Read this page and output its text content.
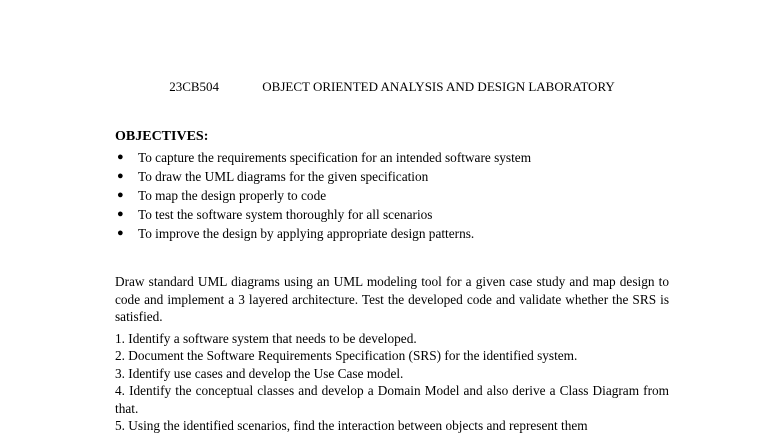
23CB504	OBJECT ORIENTED ANALYSIS AND DESIGN LABORATORY
OBJECTIVES:
● To capture the requirements specification for an intended software system
● To draw the UML diagrams for the given specification
● To map the design properly to code
● To test the software system thoroughly for all scenarios
● To improve the design by applying appropriate design patterns.

Draw standard UML diagrams using an UML modeling tool for a given case study and map design to code and implement a 3 layered architecture. Test the developed code and validate whether the SRS is satisfied.

1. Identify a software system that needs to be developed.
2. Document the Software Requirements Specification (SRS) for the identified system.
3. Identify use cases and develop the Use Case model.
4. Identify the conceptual classes and develop a Domain Model and also derive a Class Diagram from that.
5. Using the identified scenarios, find the interaction between objects and represent them
